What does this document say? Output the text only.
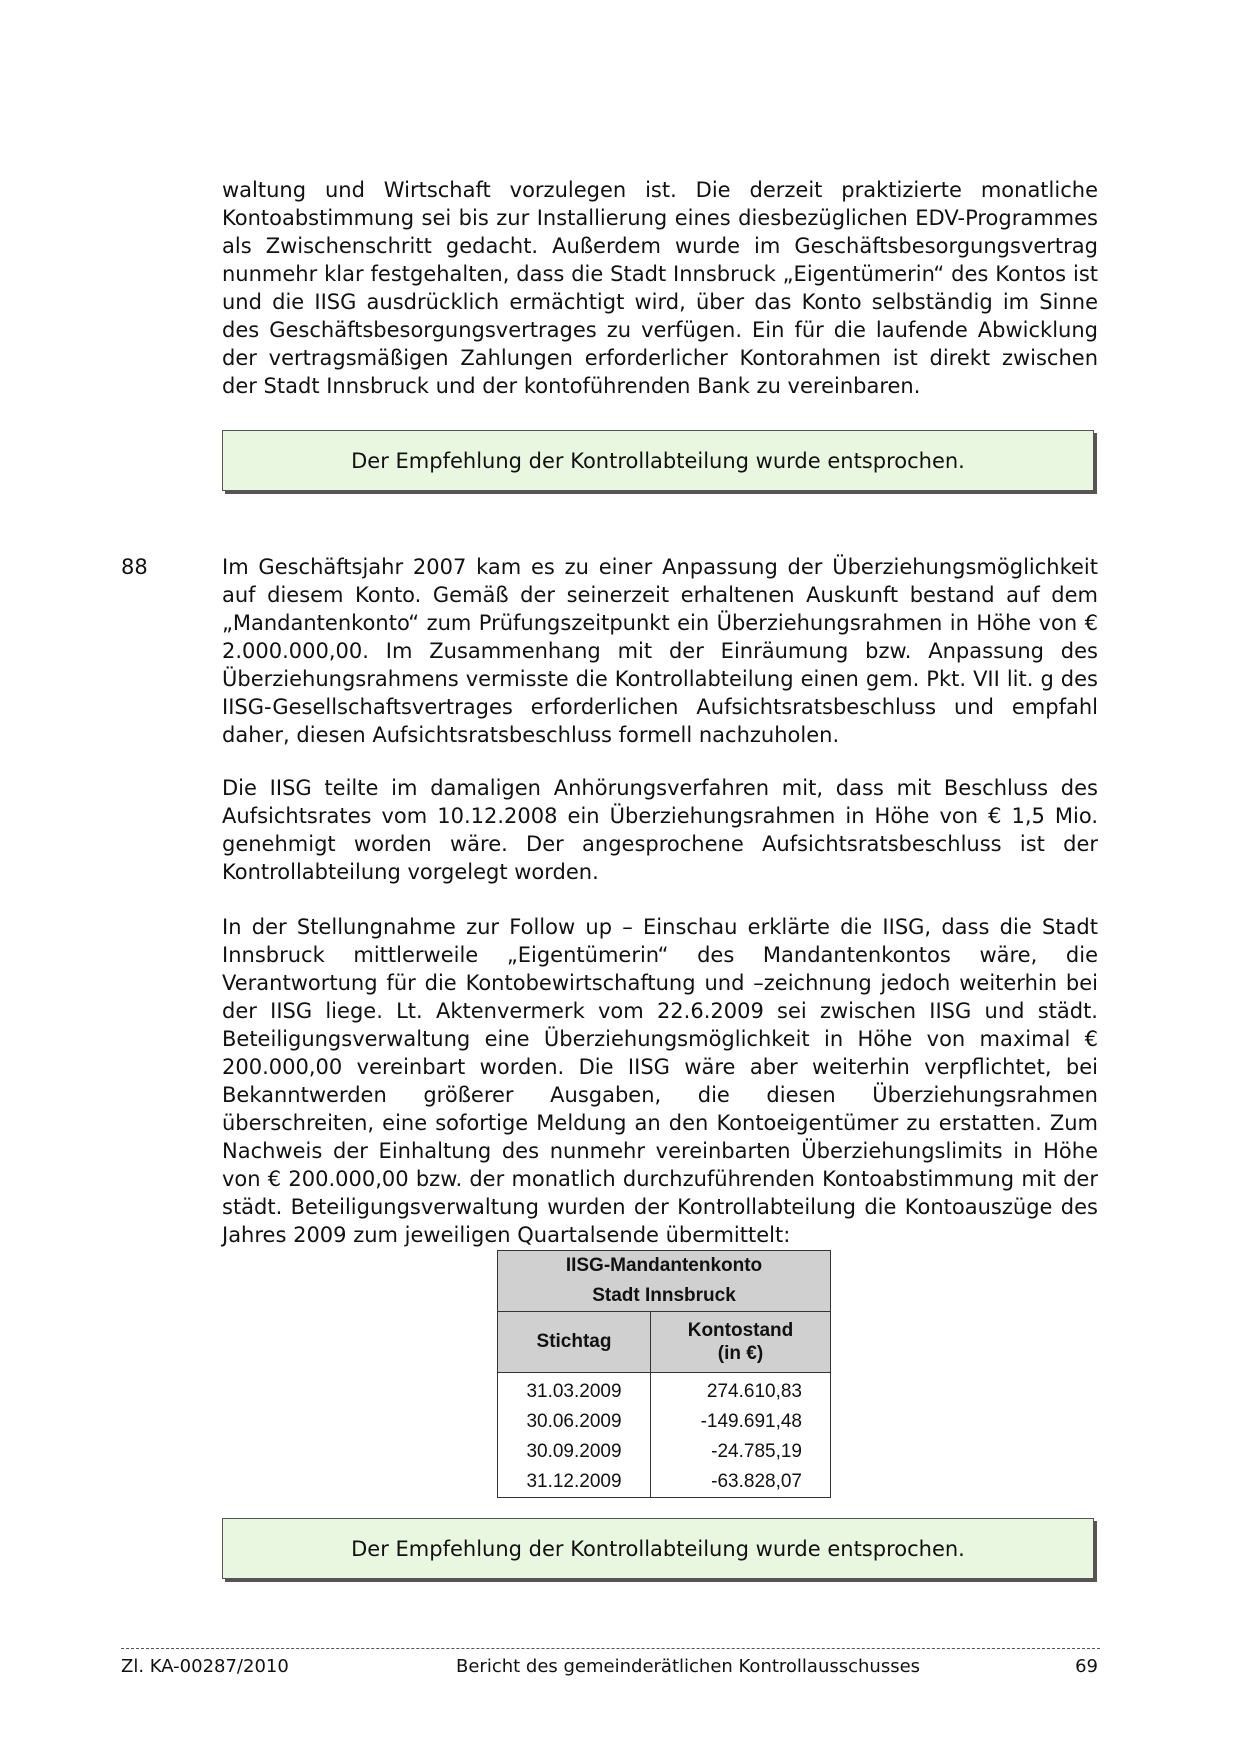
waltung und Wirtschaft vorzulegen ist. Die derzeit praktizierte monatliche Kontoabstimmung sei bis zur Installierung eines diesbezüglichen EDV-Programmes als Zwischenschritt gedacht. Außerdem wurde im Geschäftsbesorgungsvertrag nunmehr klar festgehalten, dass die Stadt Innsbruck „Eigentümerin“ des Kontos ist und die IISG ausdrücklich ermächtigt wird, über das Konto selbständig im Sinne des Geschäftsbesorgungsvertrages zu verfügen. Ein für die laufende Abwicklung der vertragsmäßigen Zahlungen erforderlicher Kontorahmen ist direkt zwischen der Stadt Innsbruck und der kontoführenden Bank zu vereinbaren.

Der Empfehlung der Kontrollabteilung wurde entsprochen.
88	Im Geschäftsjahr 2007 kam es zu einer Anpassung der Überziehungsmöglichkeit auf diesem Konto. Gemäß der seinerzeit erhaltenen Auskunft bestand auf dem „Mandantenkonto“ zum Prüfungszeitpunkt ein Überziehungsrahmen in Höhe von € 2.000.000,00. Im Zusammenhang mit der Einräumung bzw. Anpassung des Überziehungsrahmens vermisste die Kontrollabteilung einen gem. Pkt. VII lit. g des IISG-Gesellschaftsvertrages erforderlichen Aufsichtsratsbeschluss und empfahl daher, diesen Aufsichtsratsbeschluss formell nachzuholen.

Die IISG teilte im damaligen Anhörungsverfahren mit, dass mit Beschluss des Aufsichtsrates vom 10.12.2008 ein Überziehungsrahmen in Höhe von € 1,5 Mio. genehmigt worden wäre. Der angesprochene Aufsichtsratsbeschluss ist der Kontrollabteilung vorgelegt worden.

In der Stellungnahme zur Follow up – Einschau erklärte die IISG, dass die Stadt Innsbruck mittlerweile „Eigentümerin“ des Mandantenkontos wäre, die Verantwortung für die Kontobewirtschaftung und –zeichnung jedoch weiterhin bei der IISG liege. Lt. Aktenvermerk vom 22.6.2009 sei zwischen IISG und städt. Beteiligungsverwaltung eine Überziehungsmöglichkeit in Höhe von maximal € 200.000,00 vereinbart worden. Die IISG wäre aber weiterhin verpflichtet, bei Bekanntwerden größerer Ausgaben, die diesen Überziehungsrahmen überschreiten, eine sofortige Meldung an den Kontoeigentümer zu erstatten. Zum Nachweis der Einhaltung des nunmehr vereinbarten Überziehungslimits in Höhe von € 200.000,00 bzw. der monatlich durchzuführenden Kontoabstimmung mit der städt. Beteiligungsverwaltung wurden der Kontrollabteilung die Kontoauszüge des Jahres 2009 zum jeweiligen Quartalsende übermittelt:

IISG-Mandantenkonto	
Stadt Innsbruck	
Stichtag	Kontostand
(in €)
31.03.2009	274.610,83
30.06.2009	-149.691,48
30.09.2009	-24.785,19
31.12.2009	-63.828,07
Der Empfehlung der Kontrollabteilung wurde entsprochen.
Zl. KA-00287/2010	Bericht des gemeinderätlichen Kontrollausschusses	69
